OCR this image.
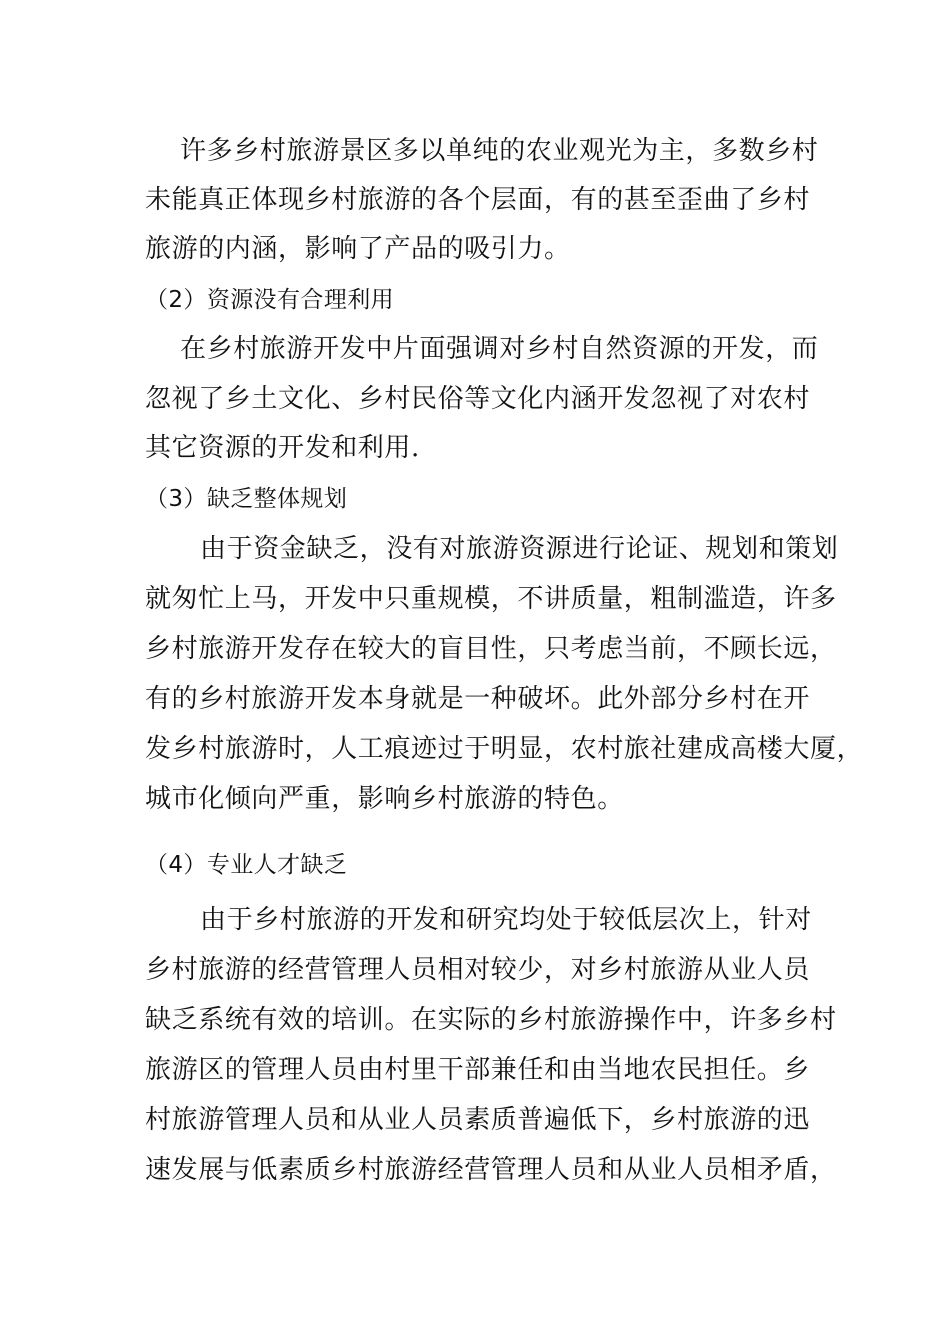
许多乡村旅游景区多以单纯的农业观光为主，多数乡村
未能真正体现乡村旅游的各个层面，有的甚至歪曲了乡村
旅游的内涵，影响了产品的吸引力。
（2）资源没有合理利用
在乡村旅游开发中片面强调对乡村自然资源的开发，而
忽视了乡土文化、乡村民俗等文化内涵开发忽视了对农村
其它资源的开发和利用.
（3）缺乏整体规划
由于资金缺乏，没有对旅游资源进行论证、规划和策划
就匆忙上马，开发中只重规模，不讲质量，粗制滥造，许多
乡村旅游开发存在较大的盲目性，只考虑当前，不顾长远，
有的乡村旅游开发本身就是一种破坏。此外部分乡村在开
发乡村旅游时，人工痕迹过于明显，农村旅社建成高楼大厦，
城市化倾向严重，影响乡村旅游的特色。
（4）专业人才缺乏
由于乡村旅游的开发和研究均处于较低层次上，针对
乡村旅游的经营管理人员相对较少，对乡村旅游从业人员
缺乏系统有效的培训。在实际的乡村旅游操作中，许多乡村
旅游区的管理人员由村里干部兼任和由当地农民担任。乡
村旅游管理人员和从业人员素质普遍低下，乡村旅游的迅
速发展与低素质乡村旅游经营管理人员和从业人员相矛盾，
